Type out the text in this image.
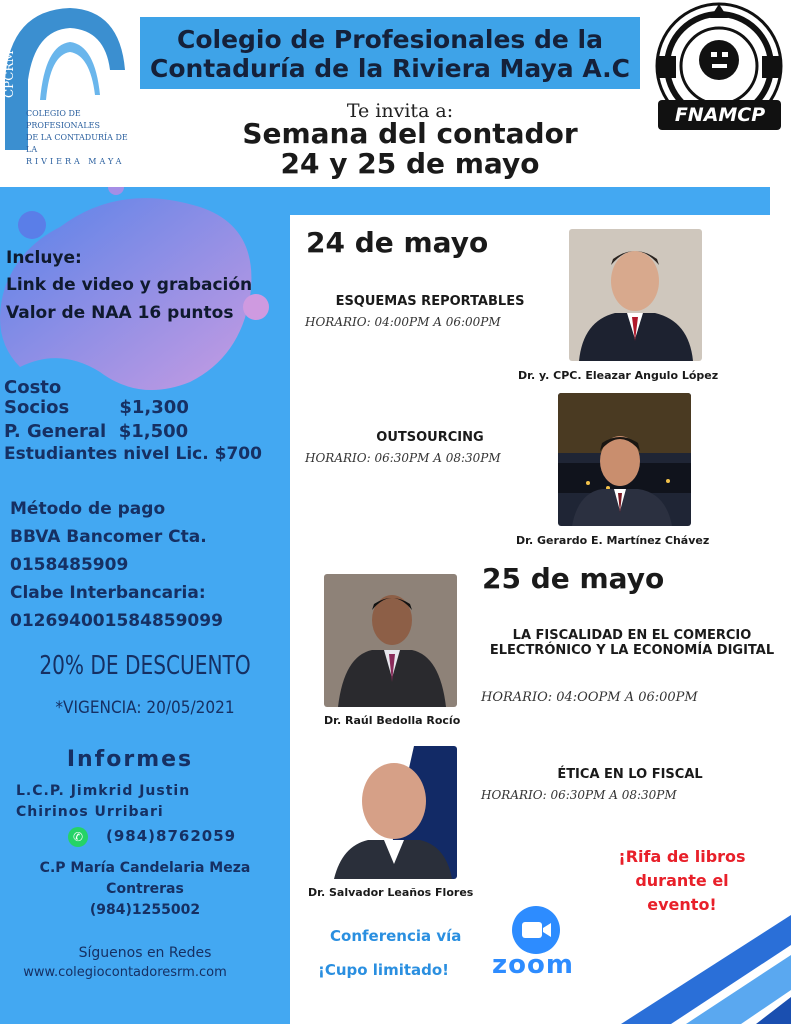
CPCRM
COLEGIO DE PROFESIONALES
DE LA CONTADURÍA DE LA
RIVIERA MAYA
Colegio de Profesionales de la
Contaduría de la Riviera Maya A.C
FNAMCP
Te invita a:
Semana del contador
24 y 25 de mayo
Incluye:
Link de video y grabación
Valor de NAA 16 puntos
Costo
Socios        $1,300
P. General  $1,500
Estudiantes nivel Lic. $700
Método de pago
BBVA Bancomer Cta.
0158485909
Clabe Interbancaria:
012694001584859099
20% DE DESCUENTO
*VIGENCIA: 20/05/2021
Informes
L.C.P. Jimkrid Justin
Chirinos Urribari
✆	(984)8762059
C.P María Candelaria Meza
Contreras
(984)1255002
Síguenos en Redes
www.colegiocontadoresrm.com
24 de mayo
ESQUEMAS REPORTABLES
HORARIO: 04:00PM A 06:00PM
Dr. y. CPC. Eleazar Angulo López
OUTSOURCING
HORARIO: 06:30PM A 08:30PM
Dr. Gerardo E. Martínez Chávez
25 de mayo
Dr. Raúl Bedolla Rocío
LA FISCALIDAD EN EL COMERCIO
ELECTRÓNICO Y LA ECONOMÍA DIGITAL
HORARIO: 04:OOPM A 06:00PM
Dr. Salvador Leaños Flores
ÉTICA EN LO FISCAL
HORARIO: 06:30PM A 08:30PM
¡Rifa de libros
durante el
evento!
Conferencia vía
¡Cupo limitado! zoom
